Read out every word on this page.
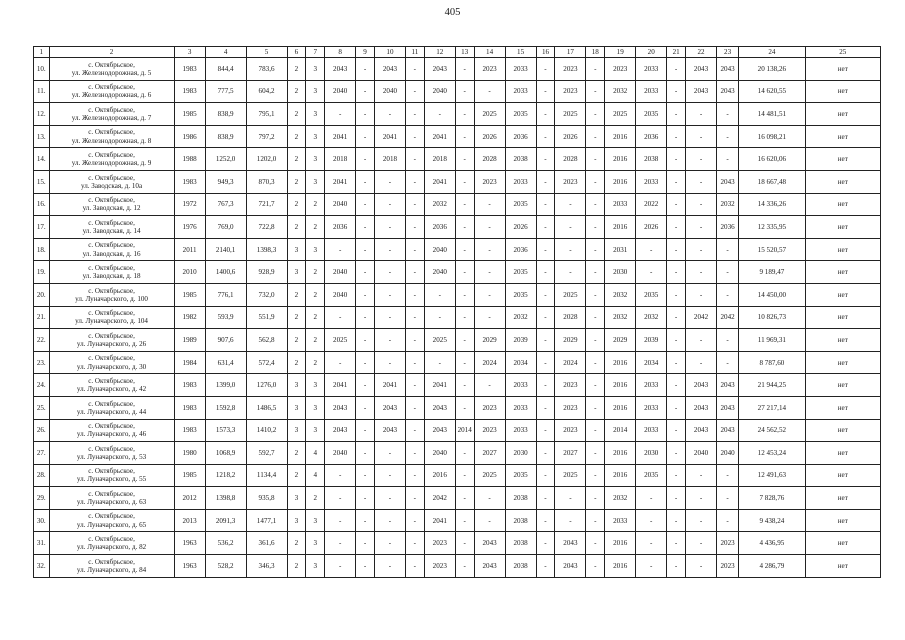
405
1	2	3	4	5	6	7	8	9	10	11	12	13	14	15	16	17	18	19	20	21	22	23	24	25
10.	с. Октябрьское,
ул. Железнодорожная, д. 5	1983	844,4	783,6	2	3	2043	-	2043	-	2043	-	2023	2033	-	2023	-	2023	2033	-	2043	2043	20 138,26	нет
11.	с. Октябрьское,
ул. Железнодорожная, д. 6	1983	777,5	604,2	2	3	2040	-	2040	-	2040	-	-	2033	-	2023	-	2032	2033	-	2043	2043	14 620,55	нет
12.	с. Октябрьское,
ул. Железнодорожная, д. 7	1985	838,9	795,1	2	3	-	-	-	-	-	-	2025	2035	-	2025	-	2025	2035	-	-	-	14 481,51	нет
13.	с. Октябрьское,
ул. Железнодорожная, д. 8	1986	838,9	797,2	2	3	2041	-	2041	-	2041	-	2026	2036	-	2026	-	2016	2036	-	-	-	16 098,21	нет
14.	с. Октябрьское,
ул. Железнодорожная, д. 9	1988	1252,0	1202,0	2	3	2018	-	2018	-	2018	-	2028	2038	-	2028	-	2016	2038	-	-	-	16 620,06	нет
15.	с. Октябрьское,
ул. Заводская, д. 10а	1983	949,3	870,3	2	3	2041	-	-	-	2041	-	2023	2033	-	2023	-	2016	2033	-	-	2043	18 667,48	нет
16.	с. Октябрьское,
ул. Заводская, д. 12	1972	767,3	721,7	2	2	2040	-	-	-	2032	-	-	2035	-	-	-	2033	2022	-	-	2032	14 336,26	нет
17.	с. Октябрьское,
ул. Заводская, д. 14	1976	769,0	722,8	2	2	2036	-	-	-	2036	-	-	2026	-	-	-	2016	2026	-	-	2036	12 335,95	нет
18.	с. Октябрьское,
ул. Заводская, д. 16	2011	2140,1	1398,3	3	3	-	-	-	-	2040	-	-	2036	-	-	-	2031	-	-	-	-	15 520,57	нет
19.	с. Октябрьское,
ул. Заводская, д. 18	2010	1400,6	928,9	3	2	2040	-	-	-	2040	-	-	2035	-	-	-	2030	-	-	-	-	9 189,47	нет
20.	с. Октябрьское,
ул. Луначарского, д. 100	1985	776,1	732,0	2	2	2040	-	-	-	-	-	-	2035	-	2025	-	2032	2035	-	-	-	14 450,00	нет
21.	с. Октябрьское,
ул. Луначарского, д. 104	1982	593,9	551,9	2	2	-	-	-	-	-	-	-	2032	-	2028	-	2032	2032	-	2042	2042	10 826,73	нет
22.	с. Октябрьское,
ул. Луначарского, д. 26	1989	907,6	562,8	2	2	2025	-	-	-	2025	-	2029	2039	-	2029	-	2029	2039	-	-	-	11 969,31	нет
23.	с. Октябрьское,
ул. Луначарского, д. 30	1984	631,4	572,4	2	2	-	-	-	-	-	-	2024	2034	-	2024	-	2016	2034	-	-	-	8 787,60	нет
24.	с. Октябрьское,
ул. Луначарского, д. 42	1983	1399,0	1276,0	3	3	2041	-	2041	-	2041	-	-	2033	-	2023	-	2016	2033	-	2043	2043	21 944,25	нет
25.	с. Октябрьское,
ул. Луначарского, д. 44	1983	1592,8	1486,5	3	3	2043	-	2043	-	2043	-	2023	2033	-	2023	-	2016	2033	-	2043	2043	27 217,14	нет
26.	с. Октябрьское,
ул. Луначарского, д. 46	1983	1573,3	1410,2	3	3	2043	-	2043	-	2043	2014	2023	2033	-	2023	-	2014	2033	-	2043	2043	24 562,52	нет
27.	с. Октябрьское,
ул. Луначарского, д. 53	1980	1068,9	592,7	2	4	2040	-	-	-	2040	-	2027	2030	-	2027	-	2016	2030	-	2040	2040	12 453,24	нет
28.	с. Октябрьское,
ул. Луначарского, д. 55	1985	1218,2	1134,4	2	4	-	-	-	-	2016	-	2025	2035	-	2025	-	2016	2035	-	-	-	12 491,63	нет
29.	с. Октябрьское,
ул. Луначарского, д. 63	2012	1398,8	935,8	3	2	-	-	-	-	2042	-	-	2038	-	-	-	2032	-	-	-	-	7 828,76	нет
30.	с. Октябрьское,
ул. Луначарского, д. 65	2013	2091,3	1477,1	3	3	-	-	-	-	2041	-	-	2038	-	-	-	2033	-	-	-	-	9 438,24	нет
31.	с. Октябрьское,
ул. Луначарского, д. 82	1963	536,2	361,6	2	3	-	-	-	-	2023	-	2043	2038	-	2043	-	2016	-	-	-	2023	4 436,95	нет
32.	с. Октябрьское,
ул. Луначарского, д. 84	1963	528,2	346,3	2	3	-	-	-	-	2023	-	2043	2038	-	2043	-	2016	-	-	-	2023	4 286,79	нет
